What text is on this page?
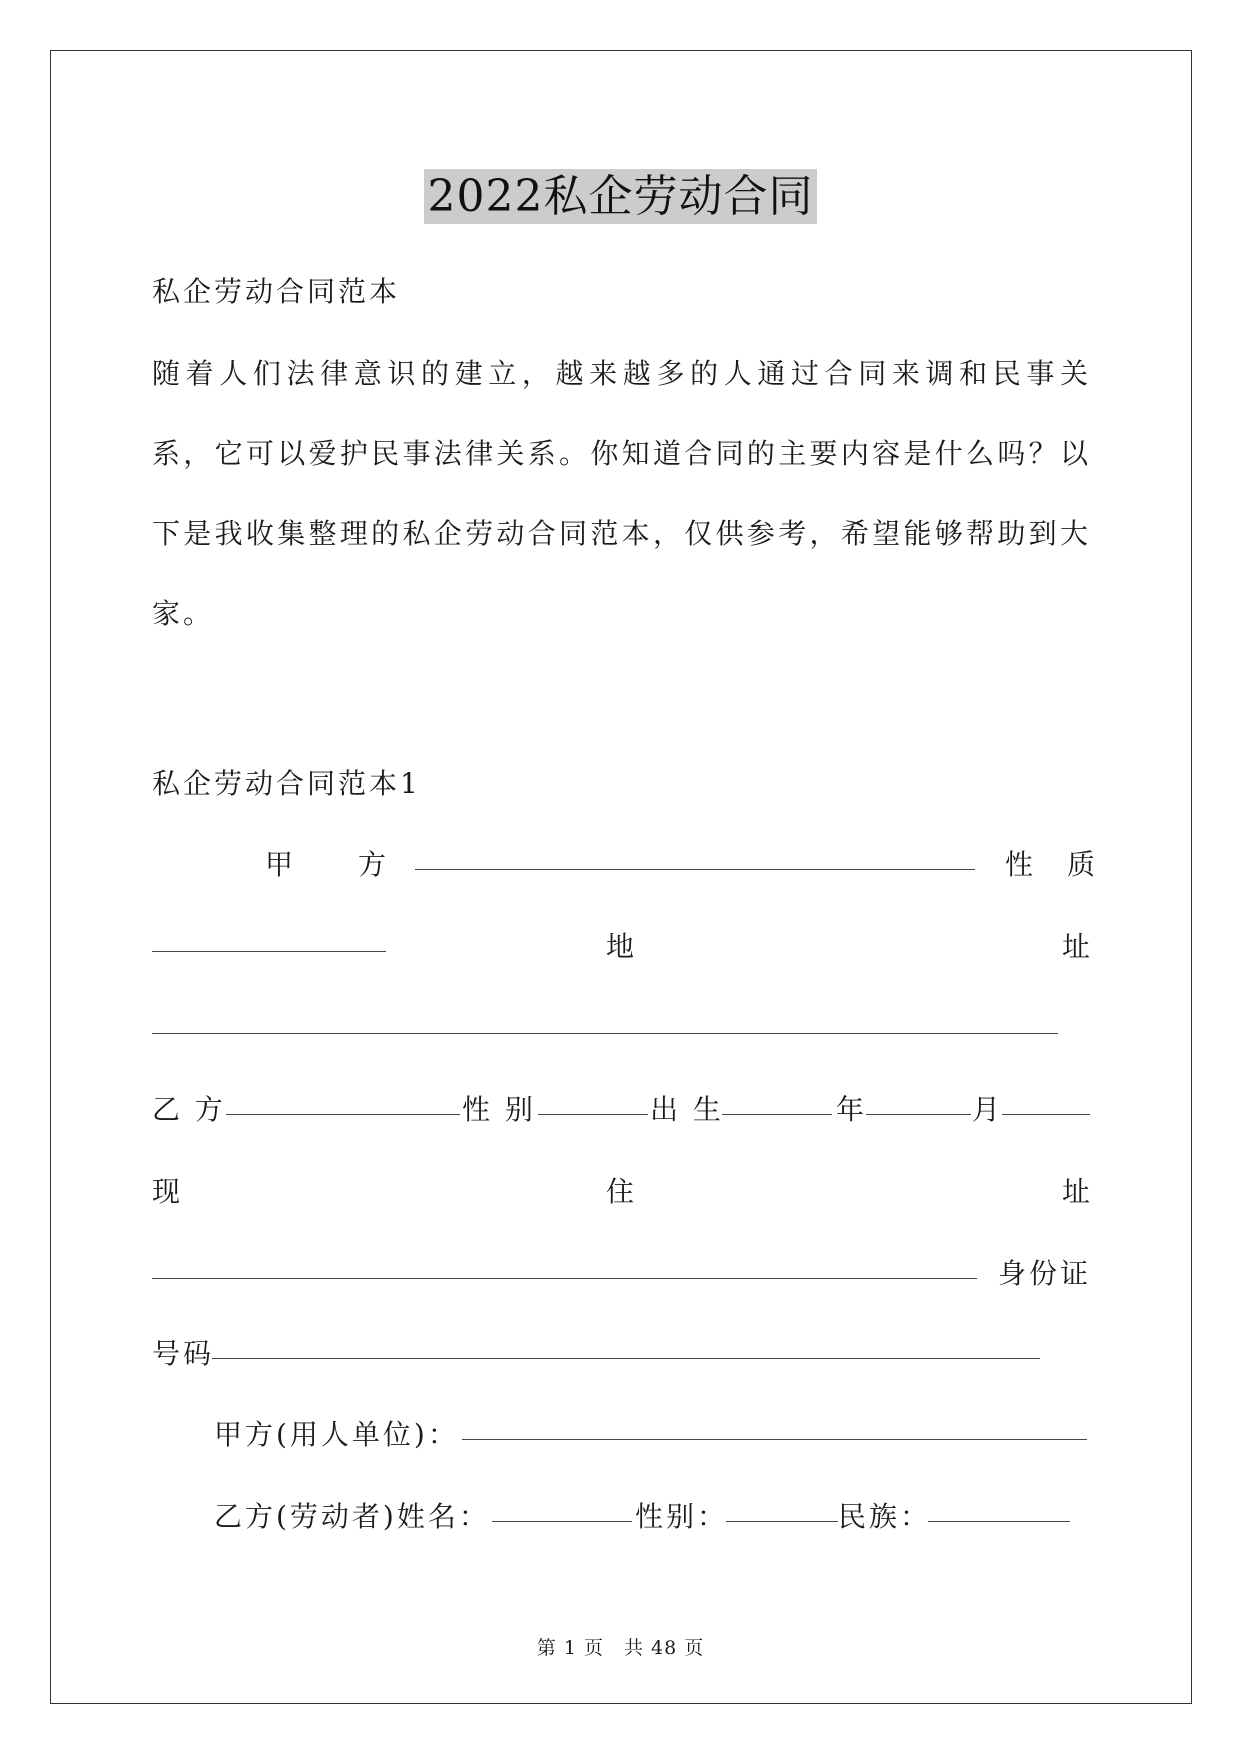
2022私企劳动合同
私企劳动合同范本
随着人们法律意识的建立，越来越多的人通过合同来调和民事关
系，它可以爱护民事法律关系。你知道合同的主要内容是什么吗？以
下是我收集整理的私企劳动合同范本，仅供参考，希望能够帮助到大
家。
私企劳动合同范本1
甲　　方	性　质
地	址
乙 方	性 别	出 生	年	月
现	住	址
身份证
号码
甲方(用人单位)：
乙方(劳动者)姓名：	性别：	民族：
第 1 页　共 48 页
